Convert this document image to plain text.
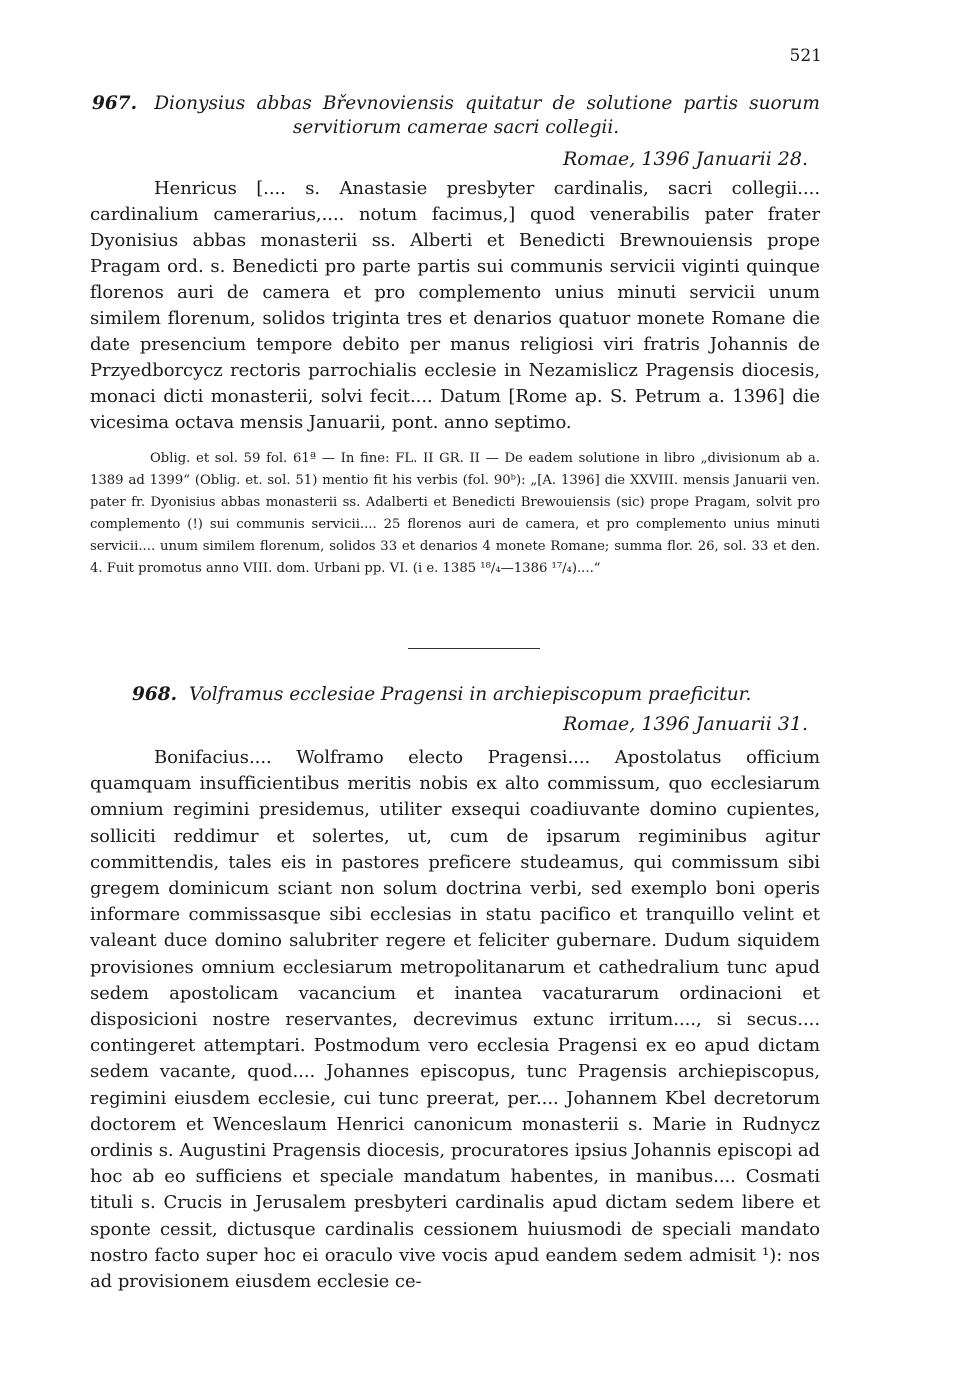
521
967. Dionysius abbas Břevnoviensis quitatur de solutione partis suorum servitiorum camerae sacri collegii.
Romae, 1396 Januarii 28.
Henricus [.... s. Anastasie presbyter cardinalis, sacri collegii.... cardinalium camerarius,.... notum facimus,] quod venerabilis pater frater Dyonisius abbas monasterii ss. Alberti et Benedicti Brewnouiensis prope Pragam ord. s. Benedicti pro parte partis sui communis servicii viginti quinque florenos auri de camera et pro complemento unius minuti servicii unum similem florenum, solidos triginta tres et denarios quatuor monete Romane die date presencium tempore debito per manus religiosi viri fratris Johannis de Przyedborcycz rectoris parrochialis ecclesie in Nezamislicz Pragensis diocesis, monaci dicti monasterii, solvi fecit.... Datum [Rome ap. S. Petrum a. 1396] die vicesima octava mensis Januarii, pont. anno septimo.
Oblig. et sol. 59 fol. 61ª — In fine: FL. II GR. II — De eadem solutione in libro „divisionum ab a. 1389 ad 1399“ (Oblig. et. sol. 51) mentio fit his verbis (fol. 90ᵇ): „[A. 1396] die XXVIII. mensis Januarii ven. pater fr. Dyonisius abbas monasterii ss. Adalberti et Benedicti Brewouiensis (sic) prope Pragam, solvit pro complemento (!) sui communis servicii.... 25 florenos auri de camera, et pro complemento unius minuti servicii.... unum similem florenum, solidos 33 et denarios 4 monete Romane; summa flor. 26, sol. 33 et den. 4. Fuit promotus anno VIII. dom. Urbani pp. VI. (i e. 1385 ¹⁸/₄—1386 ¹⁷/₄)....“
968. Volframus ecclesiae Pragensi in archiepiscopum praeficitur.
Romae, 1396 Januarii 31.
Bonifacius.... Wolframo electo Pragensi.... Apostolatus officium quamquam insufficientibus meritis nobis ex alto commissum, quo ecclesiarum omnium regimini presidemus, utiliter exsequi coadiuvante domino cupientes, solliciti reddimur et solertes, ut, cum de ipsarum regiminibus agitur committendis, tales eis in pastores preficere studeamus, qui commissum sibi gregem dominicum sciant non solum doctrina verbi, sed exemplo boni operis informare commissasque sibi ecclesias in statu pacifico et tranquillo velint et valeant duce domino salubriter regere et feliciter gubernare. Dudum siquidem provisiones omnium ecclesiarum metropolitanarum et cathedralium tunc apud sedem apostolicam vacancium et inantea vacaturarum ordinacioni et disposicioni nostre reservantes, decrevimus extunc irritum...., si secus.... contingeret attemptari. Postmodum vero ecclesia Pragensi ex eo apud dictam sedem vacante, quod.... Johannes episcopus, tunc Pragensis archiepiscopus, regimini eiusdem ecclesie, cui tunc preerat, per.... Johannem Kbel decretorum doctorem et Wenceslaum Henrici canonicum monasterii s. Marie in Rudnycz ordinis s. Augustini Pragensis diocesis, procuratores ipsius Johannis episcopi ad hoc ab eo sufficiens et speciale mandatum habentes, in manibus.... Cosmati tituli s. Crucis in Jerusalem presbyteri cardinalis apud dictam sedem libere et sponte cessit, dictusque cardinalis cessionem huiusmodi de speciali mandato nostro facto super hoc ei oraculo vive vocis apud eandem sedem admisit ¹): nos ad provisionem eiusdem ecclesie ce-
